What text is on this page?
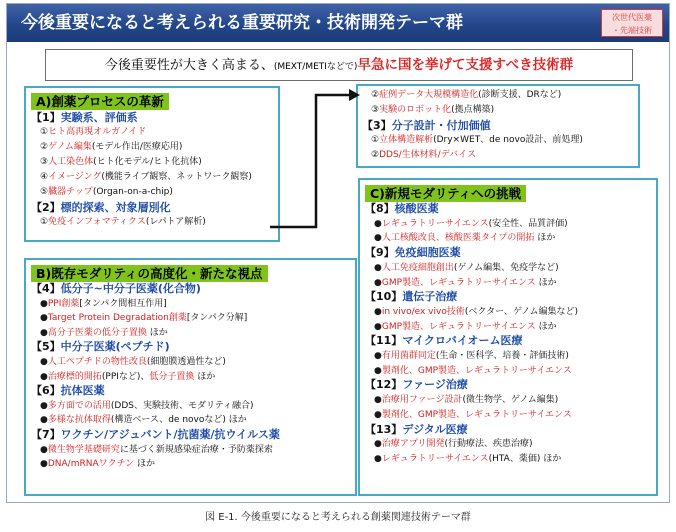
今後重要になると考えられる重要研究・技術開発テーマ群	次世代医薬
・先端技術
今後重要性が大きく高まる、(MEXT/METIなどで)早急に国を挙げて支援すべき技術群
A)創薬プロセスの革新
【1】実験系、評価系
①ヒト高再現オルガノイド
②ゲノム編集(モデル作出/医療応用)
③人工染色体(ヒト化モデル/ヒト化抗体)
④イメージング(機能ライブ観察、ネットワーク観察)
⑤臓器チップ(Organ-on-a-chip)
【2】標的探索、対象層別化
①免疫インフォマティクス(レパトア解析)
②症例データ大規模構造化(診断支援、DRなど)
③実験のロボット化(拠点構築)
【3】分子設計・付加価値
①立体構造解析(Dry×WET、de novo設計、前処理)
②DDS/生体材料/デバイス
B)既存モダリティの高度化・新たな視点
【4】低分子~中分子医薬(化合物)
●PPI創薬[タンパク間相互作用]
●Target Protein Degradation創薬[タンパク分解]
●高分子医薬の低分子置換 ほか
【5】中分子医薬(ペプチド)
●人工ペプチドの物性改良(細胞膜透過性など)
●治療標的開拓(PPIなど)、低分子置換 ほか
【6】抗体医薬
●多方面での活用(DDS、実験技術、モダリティ融合)
●多様な抗体取得(構造ベース、de novoなど) ほか
【7】ワクチン/アジュバント/抗菌薬/抗ウイルス薬
●微生物学基礎研究に基づく新規感染症治療・予防薬探索
●DNA/mRNAワクチン ほか
C)新規モダリティへの挑戦
【8】核酸医薬
●レギュラトリーサイエンス(安全性、品質評価)
●人工核酸改良、核酸医薬タイプの開拓 ほか
【9】免疫細胞医薬
●人工免疫細胞創出(ゲノム編集、免疫学など)
●GMP製造、レギュラトリーサイエンス ほか
【10】遺伝子治療
●in vivo/ex vivo技術(ベクター、ゲノム編集など)
●GMP製造、レギュラトリーサイエンス ほか
【11】マイクロバイオーム医療
●有用菌群同定(生命・医科学、培養・評価技術)
●製剤化、GMP製造、レギュラトリーサイエンス
【12】ファージ治療
●治療用ファージ設計(微生物学、ゲノム編集)
●製剤化、GMP製造、レギュラトリーサイエンス
【13】デジタル医療
●治療アプリ開発(行動療法、疾患治療)
●レギュラトリーサイエンス(HTA、薬価) ほか
図 E-1. 今後重要になると考えられる創薬関連技術テーマ群
